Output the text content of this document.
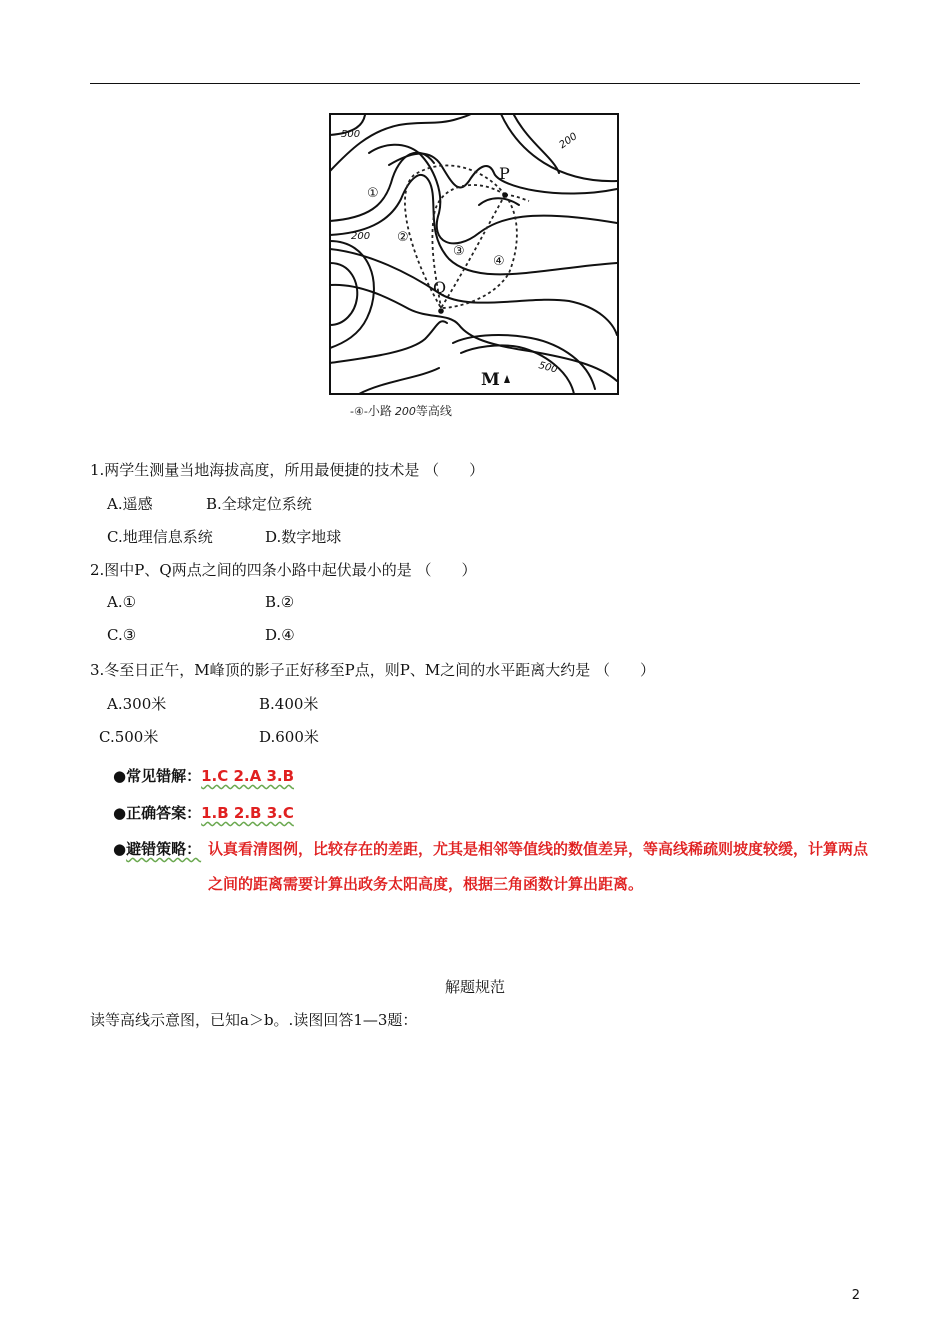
500	200
200
500
P
Q
M
①
②
③
④
-④-小路 200等高线
1.两学生测量当地海拔高度，所用最便捷的技术是 （　　）
A.遥感	B.全球定位系统
C.地理信息系统	D.数字地球
2.图中P、Q两点之间的四条小路中起伏最小的是 （　　）
A.①	B.②
C.③	D.④
3.冬至日正午，M峰顶的影子正好移至P点，则P、M之间的水平距离大约是 （　　）
A.300米	B.400米
C.500米	D.600米
●常见错解：1.C 2.A 3.B
●正确答案：1.B 2.B 3.C
●避错策略： 认真看清图例，比较存在的差距，尤其是相邻等值线的数值差异，等高线稀疏则坡度较缓，计算两点之间的距离需要计算出政务太阳高度，根据三角函数计算出距离。
解题规范
读等高线示意图，已知a＞b。.读图回答1—3题：
2
